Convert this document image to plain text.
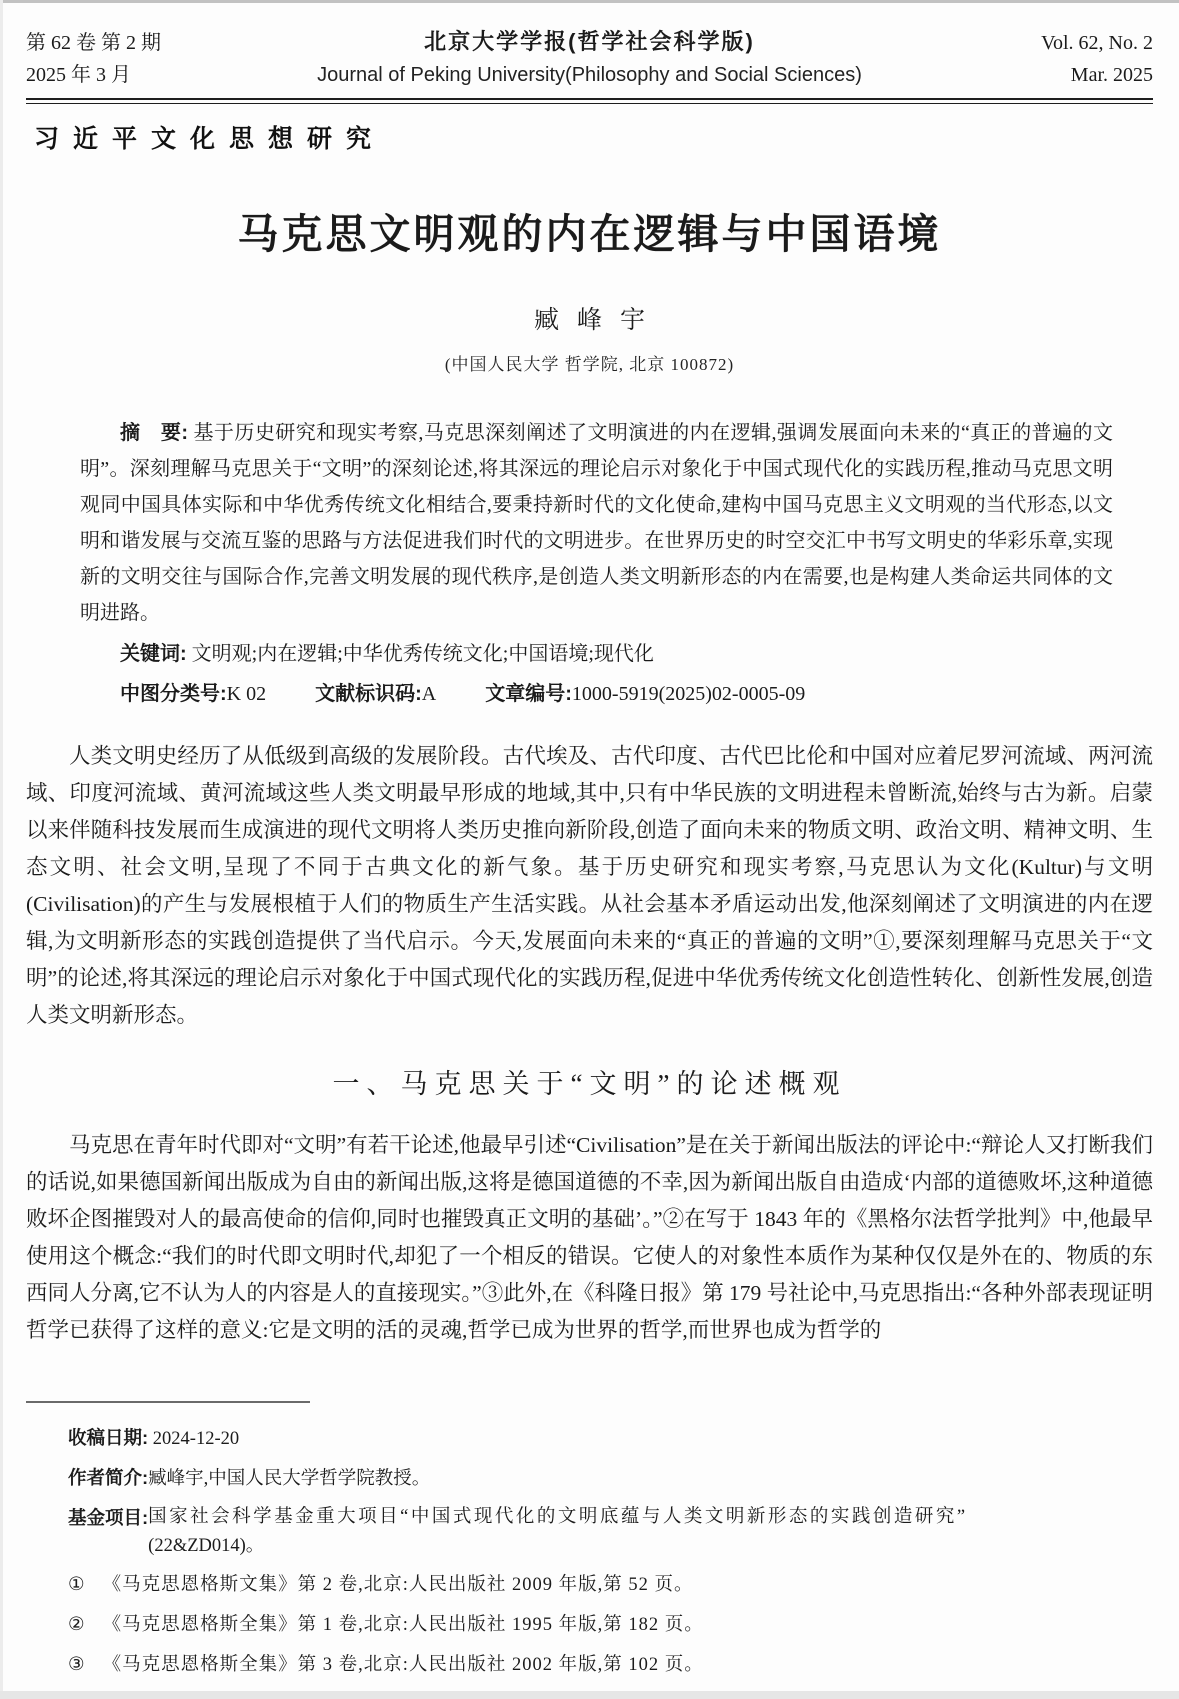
第 62 卷 第 2 期	北京大学学报(哲学社会科学版)	Vol. 62, No. 2
2025 年 3 月	Journal of Peking University(Philosophy and Social Sciences)	Mar. 2025
习近平文化思想研究
马克思文明观的内在逻辑与中国语境
臧峰宇
(中国人民大学 哲学院, 北京 100872)

摘　要: 基于历史研究和现实考察,马克思深刻阐述了文明演进的内在逻辑,强调发展面向未来的“真正的普遍的文明”。深刻理解马克思关于“文明”的深刻论述,将其深远的理论启示对象化于中国式现代化的实践历程,推动马克思文明观同中国具体实际和中华优秀传统文化相结合,要秉持新时代的文化使命,建构中国马克思主义文明观的当代形态,以文明和谐发展与交流互鉴的思路与方法促进我们时代的文明进步。在世界历史的时空交汇中书写文明史的华彩乐章,实现新的文明交往与国际合作,完善文明发展的现代秩序,是创造人类文明新形态的内在需要,也是构建人类命运共同体的文明进路。

关键词: 文明观;内在逻辑;中华优秀传统文化;中国语境;现代化

中图分类号:K 02 文献标识码:A 文章编号:1000-5919(2025)02-0005-09

人类文明史经历了从低级到高级的发展阶段。古代埃及、古代印度、古代巴比伦和中国对应着尼罗河流域、两河流域、印度河流域、黄河流域这些人类文明最早形成的地域,其中,只有中华民族的文明进程未曾断流,始终与古为新。启蒙以来伴随科技发展而生成演进的现代文明将人类历史推向新阶段,创造了面向未来的物质文明、政治文明、精神文明、生态文明、社会文明,呈现了不同于古典文化的新气象。基于历史研究和现实考察,马克思认为文化(Kultur)与文明(Civilisation)的产生与发展根植于人们的物质生产生活实践。从社会基本矛盾运动出发,他深刻阐述了文明演进的内在逻辑,为文明新形态的实践创造提供了当代启示。今天,发展面向未来的“真正的普遍的文明”①,要深刻理解马克思关于“文明”的论述,将其深远的理论启示对象化于中国式现代化的实践历程,促进中华优秀传统文化创造性转化、创新性发展,创造人类文明新形态。

一、马克思关于“文明”的论述概观

马克思在青年时代即对“文明”有若干论述,他最早引述“Civilisation”是在关于新闻出版法的评论中:“辩论人又打断我们的话说,如果德国新闻出版成为自由的新闻出版,这将是德国道德的不幸,因为新闻出版自由造成‘内部的道德败坏,这种道德败坏企图摧毁对人的最高使命的信仰,同时也摧毁真正文明的基础’。”②在写于 1843 年的《黑格尔法哲学批判》中,他最早使用这个概念:“我们的时代即文明时代,却犯了一个相反的错误。它使人的对象性本质作为某种仅仅是外在的、物质的东西同人分离,它不认为人的内容是人的直接现实。”③此外,在《科隆日报》第 179 号社论中,马克思指出:“各种外部表现证明哲学已获得了这样的意义:它是文明的活的灵魂,哲学已成为世界的哲学,而世界也成为哲学的

收稿日期: 2024-12-20

作者简介:臧峰宇,中国人民大学哲学院教授。

基金项目: 国家社会科学基金重大项目“中国式现代化的文明底蕴与人类文明新形态的实践创造研究”
(22&ZD014)。
① 《马克思恩格斯文集》第 2 卷,北京:人民出版社 2009 年版,第 52 页。
② 《马克思恩格斯全集》第 1 卷,北京:人民出版社 1995 年版,第 182 页。
③ 《马克思恩格斯全集》第 3 卷,北京:人民出版社 2002 年版,第 102 页。
